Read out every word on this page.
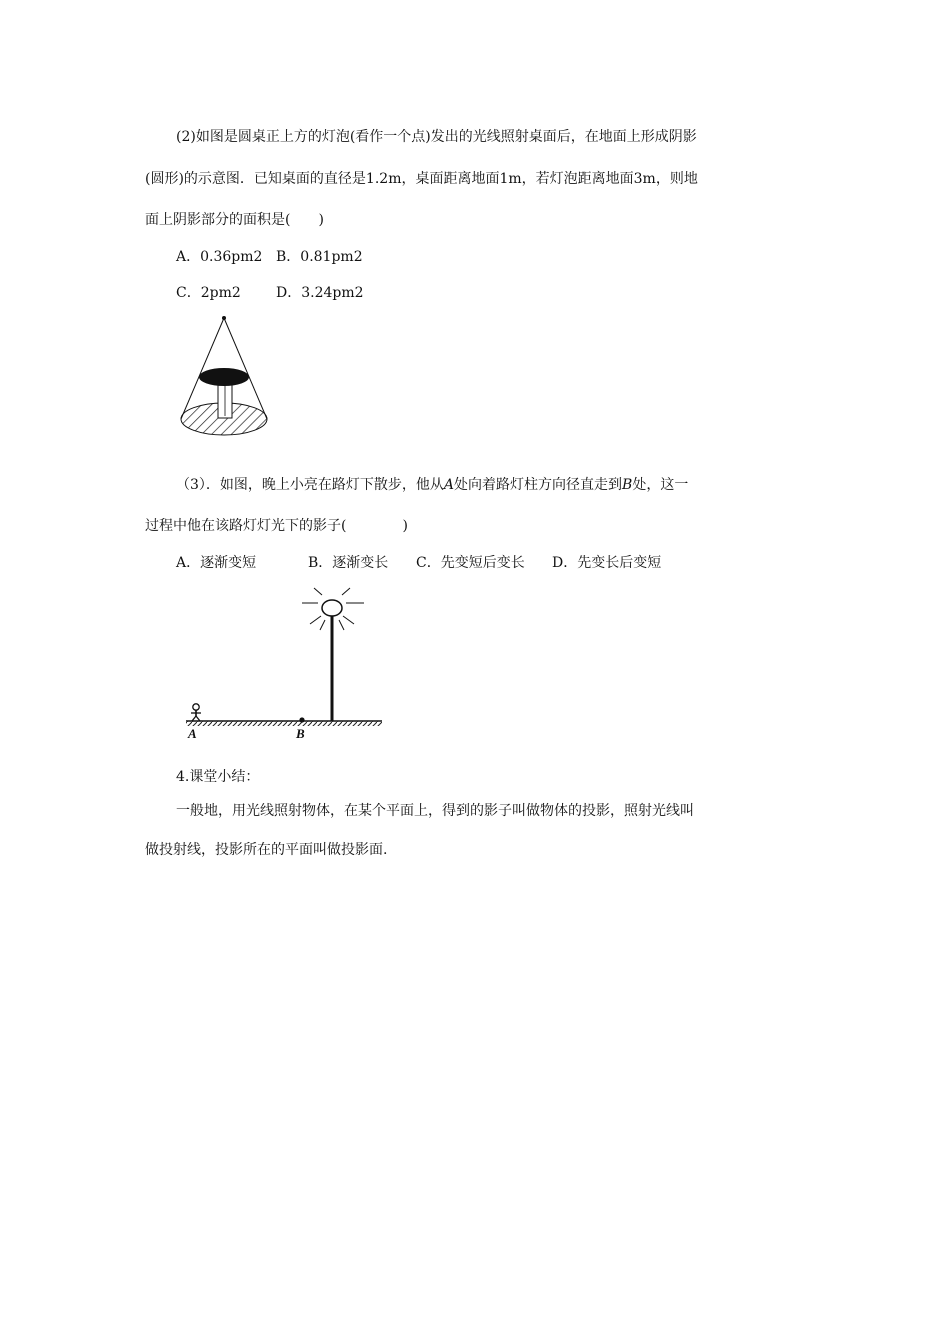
(2)如图是圆桌正上方的灯泡(看作一个点)发出的光线照射桌面后，在地面上形成阴影
(圆形)的示意图．已知桌面的直径是1.2m，桌面距离地面1m，若灯泡距离地面3m，则地
面上阴影部分的面积是(　　)
A．0.36pm2 B．0.81pm2
C．2pm2	D．3.24pm2
（3）．如图，晚上小亮在路灯下散步，他从A处向着路灯柱方向径直走到B处，这一
过程中他在该路灯灯光下的影子(　　　　)
A．逐渐变短	B．逐渐变长 C．先变短后变长 D．先变长后变短
A	B
4.课堂小结：
一般地，用光线照射物体，在某个平面上，得到的影子叫做物体的投影，照射光线叫
做投射线，投影所在的平面叫做投影面.
